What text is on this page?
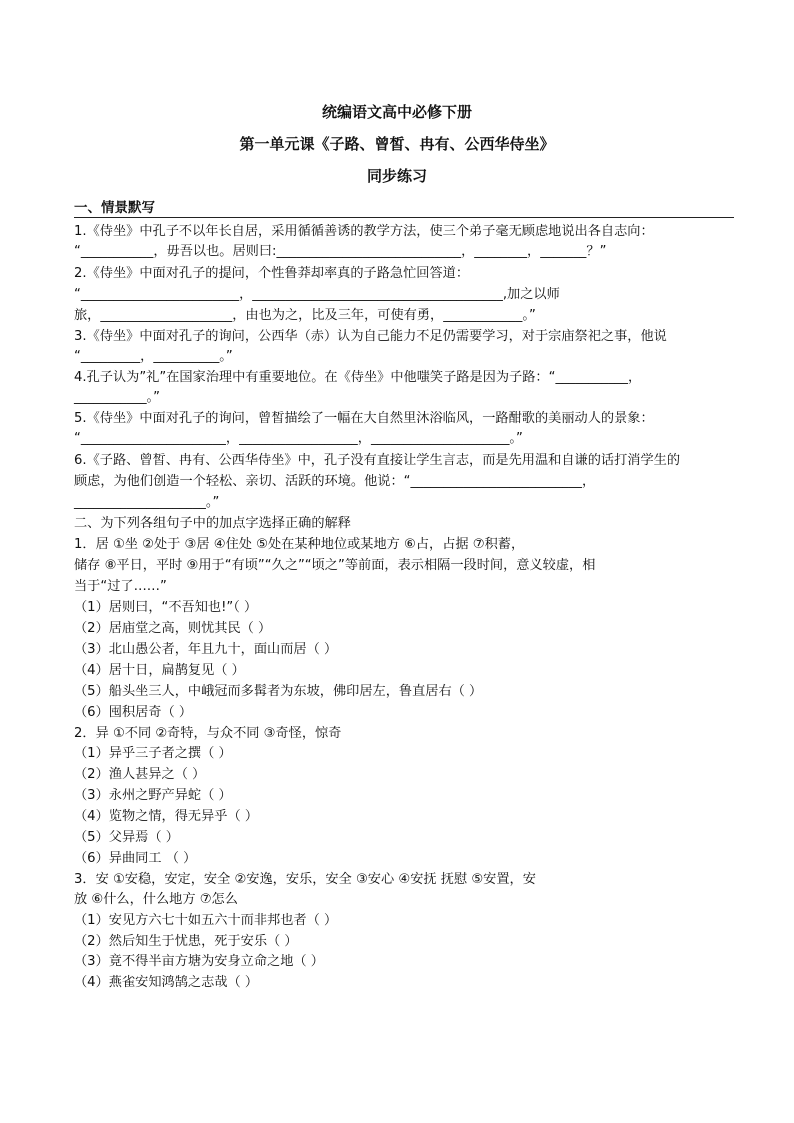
统编语文高中必修下册
第一单元课《子路、曾皙、冉有、公西华侍坐》
同步练习
一、情景默写
1.《侍坐》中孔子不以年长自居，采用循循善诱的教学方法，使三个弟子毫无顾虑地说出各自志向：
“___________，毋吾以也。居则曰:____________________________，________，_______？”
2.《侍坐》中面对孔子的提问，个性鲁莽却率真的子路急忙回答道：
“________________________，______________________________________,加之以师
旅，____________________，由也为之，比及三年，可使有勇，____________。”
3.《侍坐》中面对孔子的询问，公西华（赤）认为自己能力不足仍需要学习，对于宗庙祭祀之事，他说
“_________，__________。”
4.孔子认为”礼”在国家治理中有重要地位。在《侍坐》中他嗤笑子路是因为子路：“___________，
___________。”
5.《侍坐》中面对孔子的询问，曾皙描绘了一幅在大自然里沐浴临风，一路酣歌的美丽动人的景象：
“______________________，__________________，_____________________。”
6.《子路、曾皙、冉有、公西华侍坐》中，孔子没有直接让学生言志，而是先用温和自谦的话打消学生的
顾虑，为他们创造一个轻松、亲切、活跃的环境。他说：“__________________________，
____________________。”
二、为下列各组句子中的加点字选择正确的解释
1．居 ①坐 ②处于 ③居 ④住处 ⑤处在某种地位或某地方 ⑥占，占据 ⑦积蓄，
储存 ⑧平日，平时 ⑨用于“有顷”“久之”“顷之”等前面，表示相隔一段时间，意义较虚，相
当于“过了……”
（1）居则曰，“不吾知也!”（ ）
（2）居庙堂之高，则忧其民（ ）
（3）北山愚公者，年且九十，面山而居（ ）
（4）居十日，扁鹊复见（ ）
（5）船头坐三人，中峨冠而多髯者为东坡，佛印居左，鲁直居右（ ）
（6）囤积居奇（ ）
2．异 ①不同 ②奇特，与众不同 ③奇怪，惊奇
（1）异乎三子者之撰（ ）
（2）渔人甚异之（ ）
（3）永州之野产异蛇（ ）
（4）览物之情，得无异乎（ ）
（5）父异焉（ ）
（6）异曲同工 （ ）
3．安 ①安稳，安定，安全 ②安逸，安乐，安全 ③安心 ④安抚 抚慰 ⑤安置，安
放 ⑥什么，什么地方 ⑦怎么
（1）安见方六七十如五六十而非邦也者（ ）
（2）然后知生于忧患，死于安乐（ ）
（3）竟不得半亩方塘为安身立命之地（ ）
（4）燕雀安知鸿鹄之志哉（ ）
